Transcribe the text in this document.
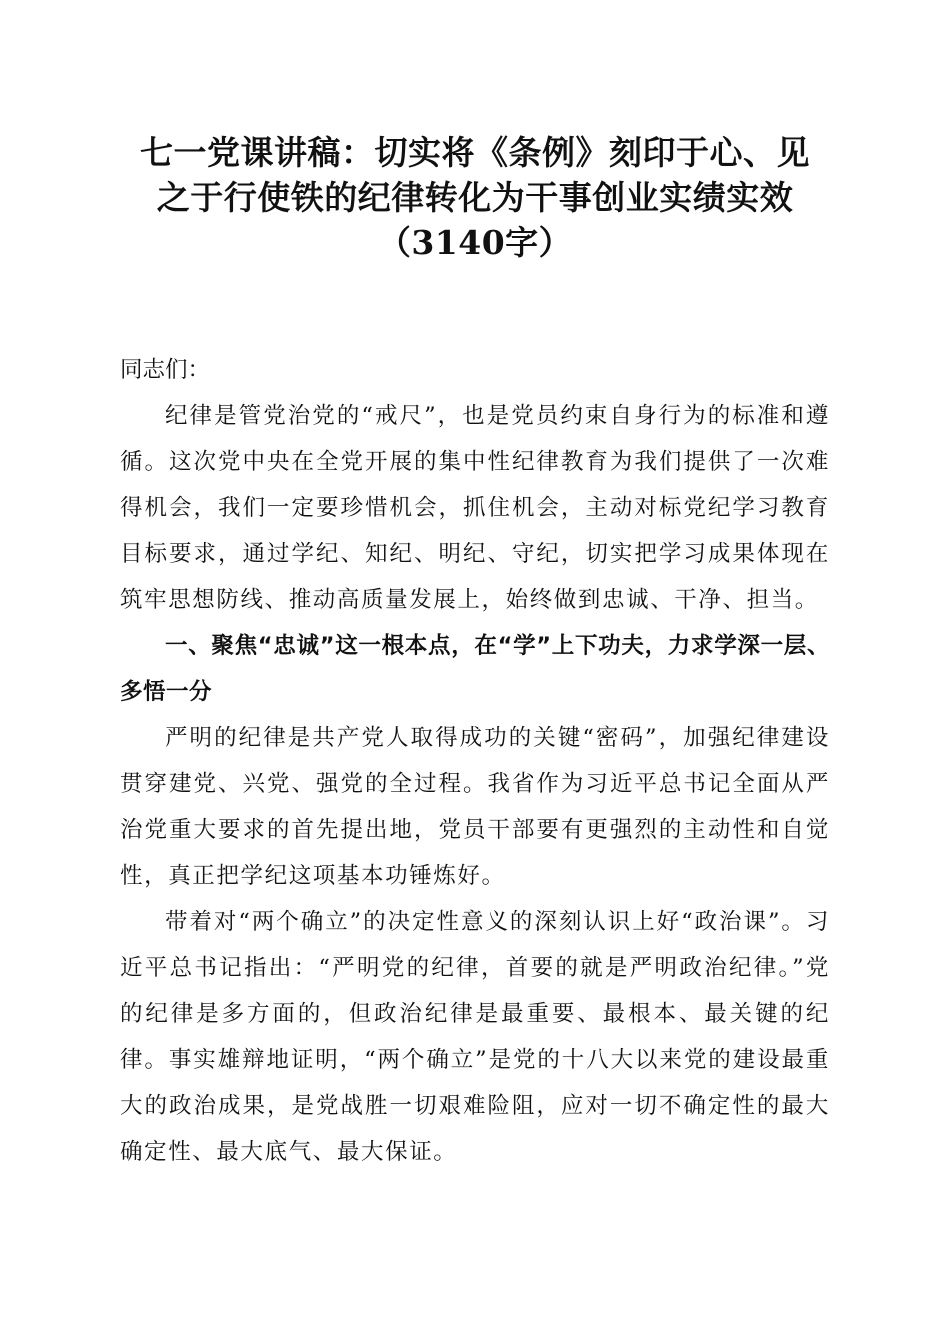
七一党课讲稿：切实将《条例》刻印于心、见
之于行使铁的纪律转化为干事创业实绩实效
（3140字）
同志们：

纪律是管党治党的“戒尺”，也是党员约束自身行为的标准和遵循。这次党中央在全党开展的集中性纪律教育为我们提供了一次难得机会，我们一定要珍惜机会，抓住机会，主动对标党纪学习教育目标要求，通过学纪、知纪、明纪、守纪，切实把学习成果体现在筑牢思想防线、推动高质量发展上，始终做到忠诚、干净、担当。

一、聚焦“忠诚”这一根本点，在“学”上下功夫，力求学深一层、多悟一分

严明的纪律是共产党人取得成功的关键“密码”，加强纪律建设贯穿建党、兴党、强党的全过程。我省作为习近平总书记全面从严治党重大要求的首先提出地，党员干部要有更强烈的主动性和自觉性，真正把学纪这项基本功锤炼好。

带着对“两个确立”的决定性意义的深刻认识上好“政治课”。习近平总书记指出：“严明党的纪律，首要的就是严明政治纪律。”党的纪律是多方面的，但政治纪律是最重要、最根本、最关键的纪律。事实雄辩地证明，“两个确立”是党的十八大以来党的建设最重大的政治成果，是党战胜一切艰难险阻，应对一切不确定性的最大确定性、最大底气、最大保证。
